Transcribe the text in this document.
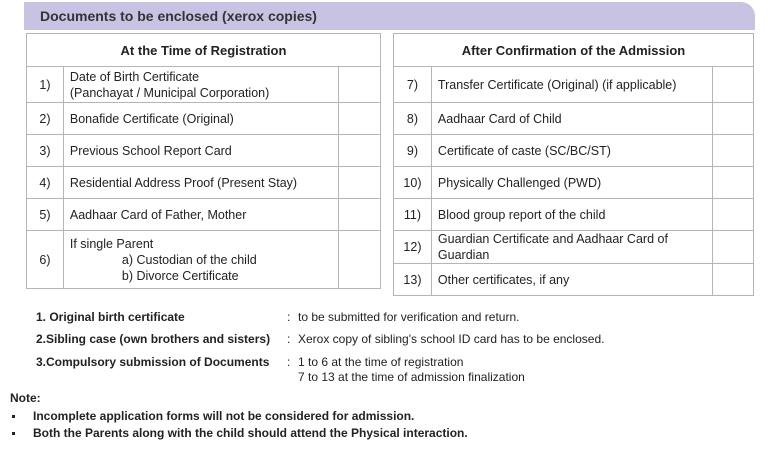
Documents to be enclosed (xerox copies)
At the Time of Registration		
1)	Date of Birth Certificate
(Panchayat / Municipal Corporation)	

2)	Bonafide Certificate (Original)	

3)	Previous School Report Card	

4)	Residential Address Proof (Present Stay)	

5)	Aadhaar Card of Father, Mother	

6)	If single Parent
a) Custodian of the child
b) Divorce Certificate	

After Confirmation of the Admission		
7)	Transfer Certificate (Original) (if applicable)	
8)	Aadhaar Card of Child	
9)	Certificate of caste (SC/BC/ST)	
10)	Physically Challenged (PWD)	
11)	Blood group report of the child	
12)	Guardian Certificate and Aadhaar Card of Guardian	
13)	Other certificates, if any	
1. Original birth certificate	: to be submitted for verification and return.
2.Sibling case (own brothers and sisters) : Xerox copy of sibling's school ID card has to be enclosed.
3.Compulsory submission of Documents : 1 to 6 at the time of registration
7 to 13 at the time of admission finalization
Note:
Incomplete application forms will not be considered for admission.
Both the Parents along with the child should attend the Physical interaction.
